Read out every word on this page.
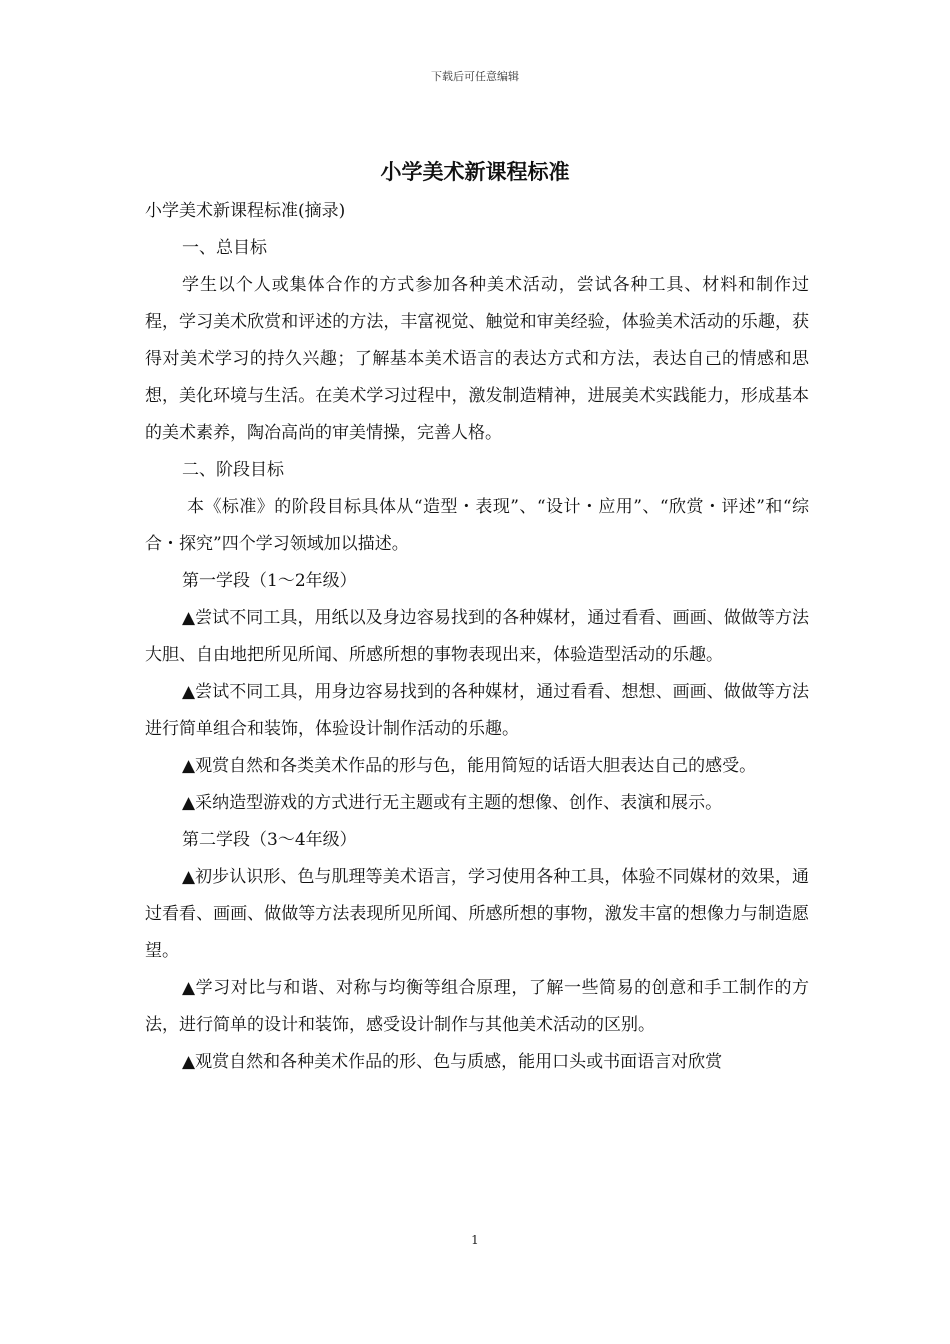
下载后可任意编辑
小学美术新课程标准

小学美术新课程标准(摘录)

一、总目标

学生以个人或集体合作的方式参加各种美术活动，尝试各种工具、材料和制作过程，学习美术欣赏和评述的方法，丰富视觉、触觉和审美经验，体验美术活动的乐趣，获得对美术学习的持久兴趣；了解基本美术语言的表达方式和方法，表达自己的情感和思想，美化环境与生活。在美术学习过程中，激发制造精神，进展美术实践能力，形成基本的美术素养，陶冶高尚的审美情操，完善人格。

二、阶段目标

本《标准》的阶段目标具体从“造型・表现”、“设计・应用”、“欣赏・评述”和“综合・探究”四个学习领域加以描述。

第一学段（1～2年级）

▲尝试不同工具，用纸以及身边容易找到的各种媒材，通过看看、画画、做做等方法大胆、自由地把所见所闻、所感所想的事物表现出来，体验造型活动的乐趣。

▲尝试不同工具，用身边容易找到的各种媒材，通过看看、想想、画画、做做等方法进行简单组合和装饰，体验设计制作活动的乐趣。

▲观赏自然和各类美术作品的形与色，能用简短的话语大胆表达自己的感受。

▲采纳造型游戏的方式进行无主题或有主题的想像、创作、表演和展示。

第二学段（3～4年级）

▲初步认识形、色与肌理等美术语言，学习使用各种工具，体验不同媒材的效果，通过看看、画画、做做等方法表现所见所闻、所感所想的事物，激发丰富的想像力与制造愿望。

▲学习对比与和谐、对称与均衡等组合原理，了解一些简易的创意和手工制作的方法，进行简单的设计和装饰，感受设计制作与其他美术活动的区别。

▲观赏自然和各种美术作品的形、色与质感，能用口头或书面语言对欣赏

1
